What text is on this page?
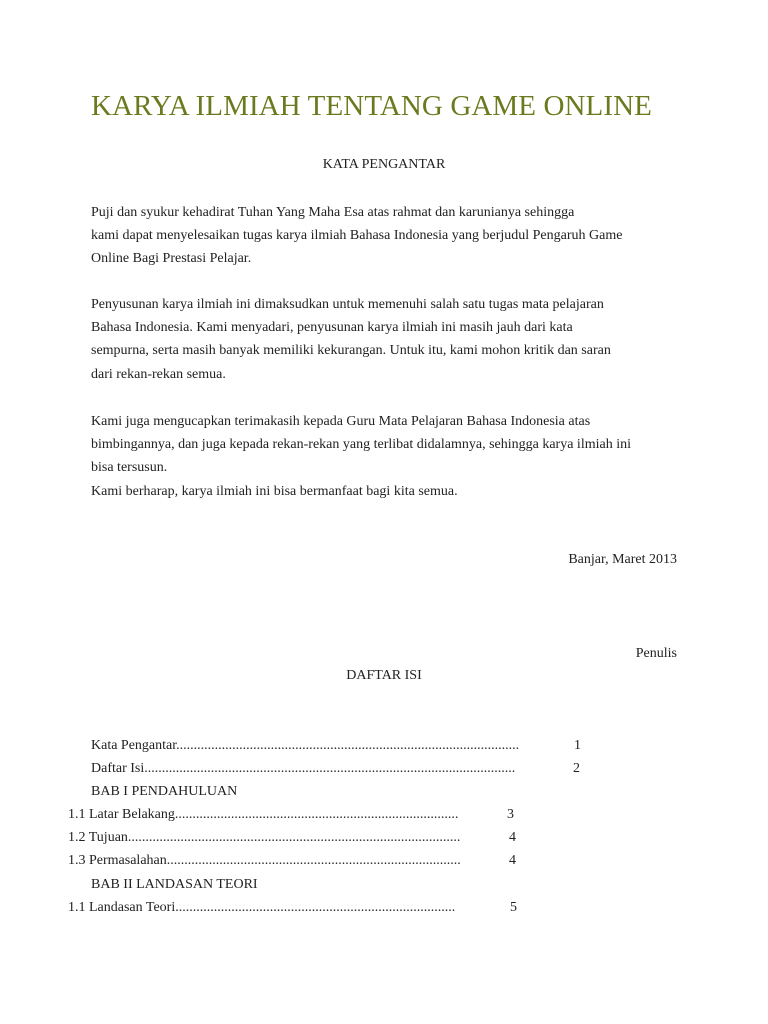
KARYA ILMIAH TENTANG GAME ONLINE
KATA PENGANTAR
Puji dan syukur kehadirat Tuhan Yang Maha Esa atas rahmat dan karunianya sehingga
kami dapat menyelesaikan tugas karya ilmiah Bahasa Indonesia yang berjudul Pengaruh Game
Online Bagi Prestasi Pelajar.
Penyusunan karya ilmiah ini dimaksudkan untuk memenuhi salah satu tugas mata pelajaran
Bahasa Indonesia. Kami menyadari, penyusunan karya ilmiah ini masih jauh dari kata
sempurna, serta masih banyak memiliki kekurangan. Untuk itu, kami mohon kritik dan saran
dari rekan-rekan semua.
Kami juga mengucapkan terimakasih kepada Guru Mata Pelajaran Bahasa Indonesia atas
bimbingannya, dan juga kepada rekan-rekan yang terlibat didalamnya, sehingga karya ilmiah ini
bisa tersusun.
Kami berharap, karya ilmiah ini bisa bermanfaat bagi kita semua.
Banjar, Maret 2013
Penulis
DAFTAR ISI
Kata Pengantar..................................................................................................	1
Daftar Isi..........................................................................................................	2
BAB I PENDAHULUAN
1.1 Latar Belakang.................................................................................	3
1.2 Tujuan...............................................................................................	4
1.3 Permasalahan....................................................................................	4
BAB II LANDASAN TEORI
1.1 Landasan Teori................................................................................	5
